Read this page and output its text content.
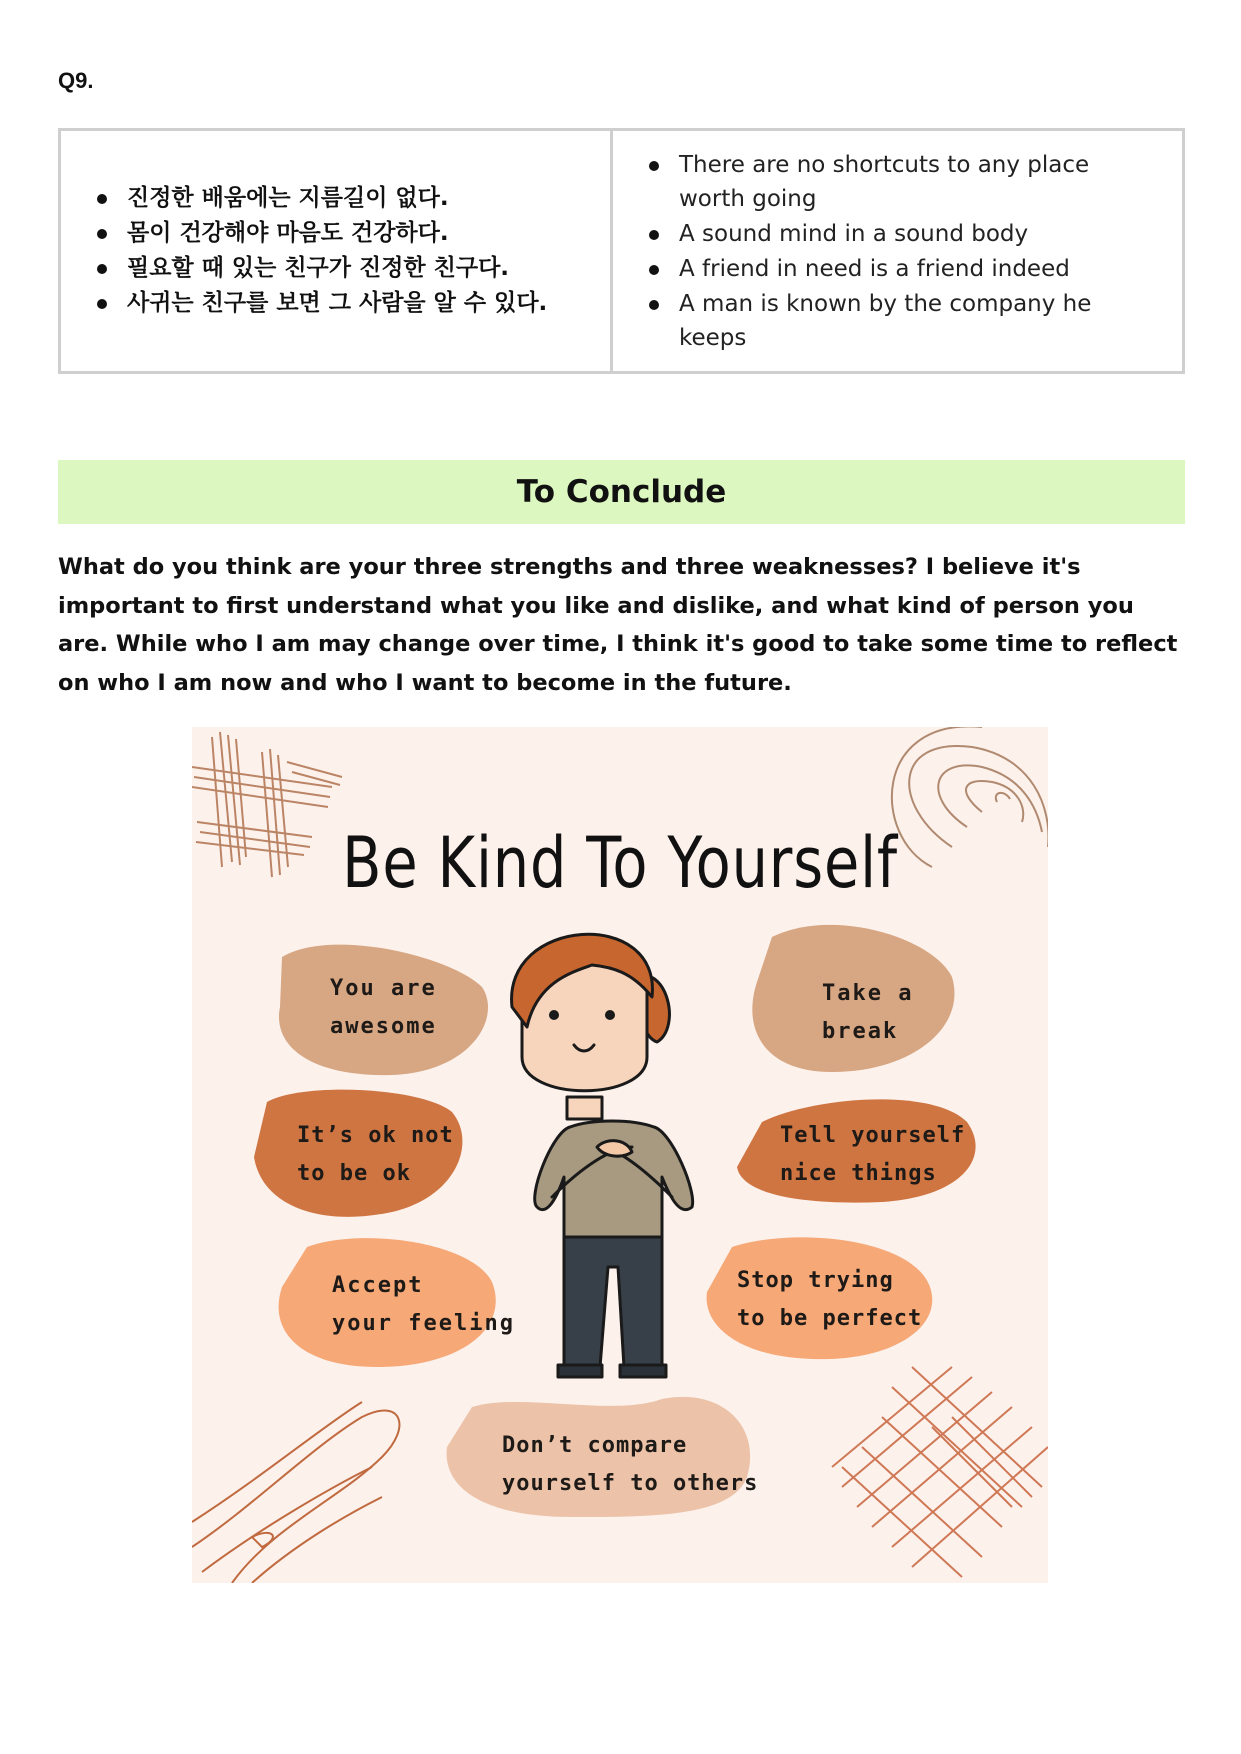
Q9.
진정한 배움에는 지름길이 없다.
몸이 건강해야 마음도 건강하다.
필요할 때 있는 친구가 진정한 친구다.
사귀는 친구를 보면 그 사람을 알 수 있다.
There are no shortcuts to any place worth going
A sound mind in a sound body
A friend in need is a friend indeed
A man is known by the company he keeps
To Conclude

What do you think are your three strengths and three weaknesses? I believe it's important to first understand what you like and dislike, and what kind of person you are. While who I am may change over time, I think it's good to take some time to reflect on who I am now and who I want to become in the future.

Be Kind To Yourself
You are
awesome
Take a
break
It’s ok not
to be ok
Tell yourself
nice things
Accept
your feeling
Stop trying
to be perfect
Don’t compare
yourself to others
